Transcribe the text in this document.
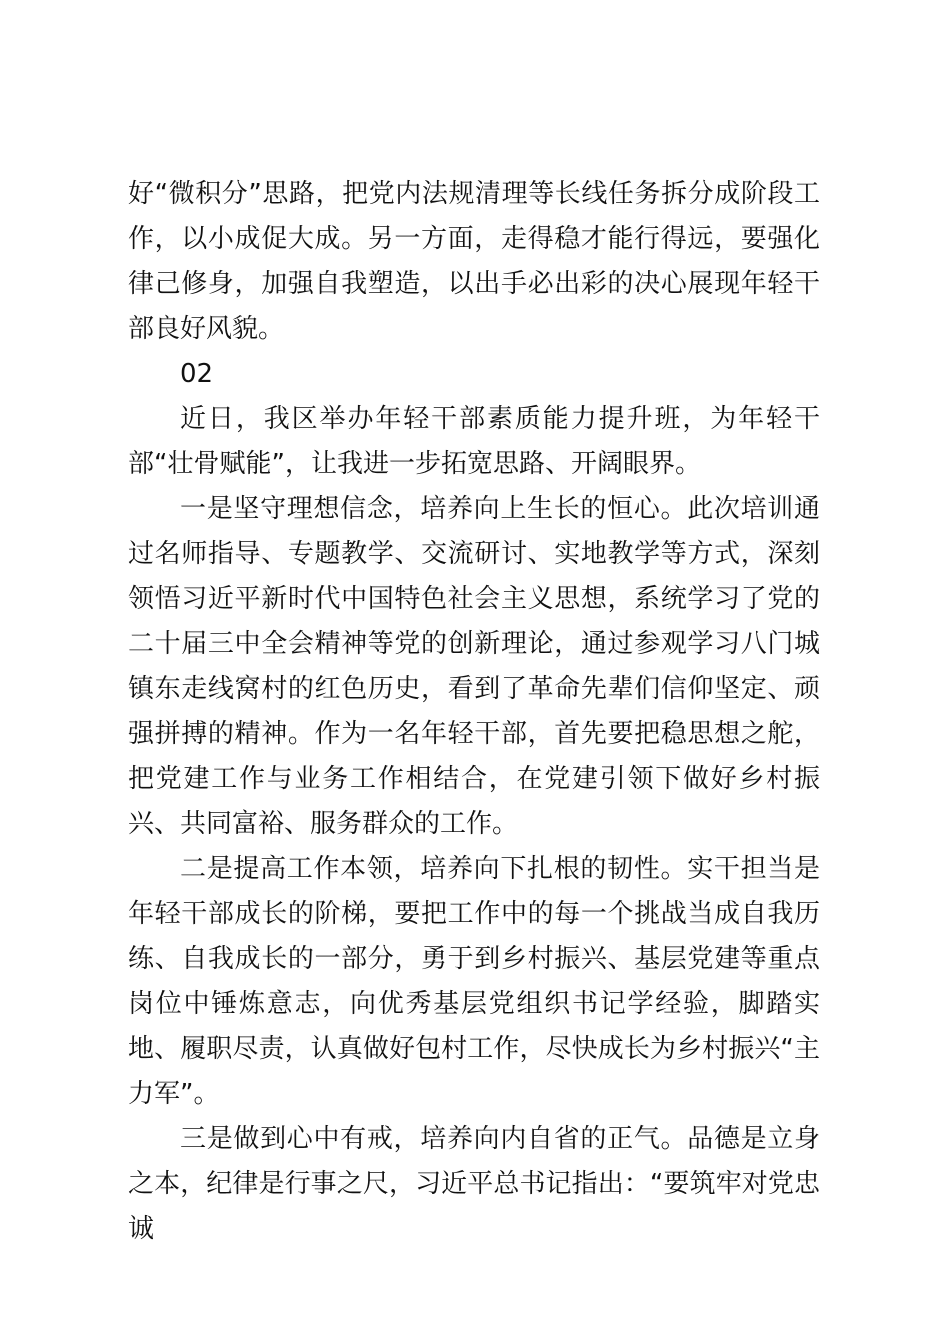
好“微积分”思路，把党内法规清理等长线任务拆分成阶段工作，以小成促大成。另一方面，走得稳才能行得远，要强化律己修身，加强自我塑造，以出手必出彩的决心展现年轻干部良好风貌。

02

近日，我区举办年轻干部素质能力提升班，为年轻干部“壮骨赋能”，让我进一步拓宽思路、开阔眼界。

一是坚守理想信念，培养向上生长的恒心。此次培训通过名师指导、专题教学、交流研讨、实地教学等方式，深刻领悟习近平新时代中国特色社会主义思想，系统学习了党的二十届三中全会精神等党的创新理论，通过参观学习八门城镇东走线窝村的红色历史，看到了革命先辈们信仰坚定、顽强拼搏的精神。作为一名年轻干部，首先要把稳思想之舵，把党建工作与业务工作相结合，在党建引领下做好乡村振兴、共同富裕、服务群众的工作。

二是提高工作本领，培养向下扎根的韧性。实干担当是年轻干部成长的阶梯，要把工作中的每一个挑战当成自我历练、自我成长的一部分，勇于到乡村振兴、基层党建等重点岗位中锤炼意志，向优秀基层党组织书记学经验，脚踏实地、履职尽责，认真做好包村工作，尽快成长为乡村振兴“主力军”。

三是做到心中有戒，培养向内自省的正气。品德是立身之本，纪律是行事之尺，习近平总书记指出：“要筑牢对党忠诚
